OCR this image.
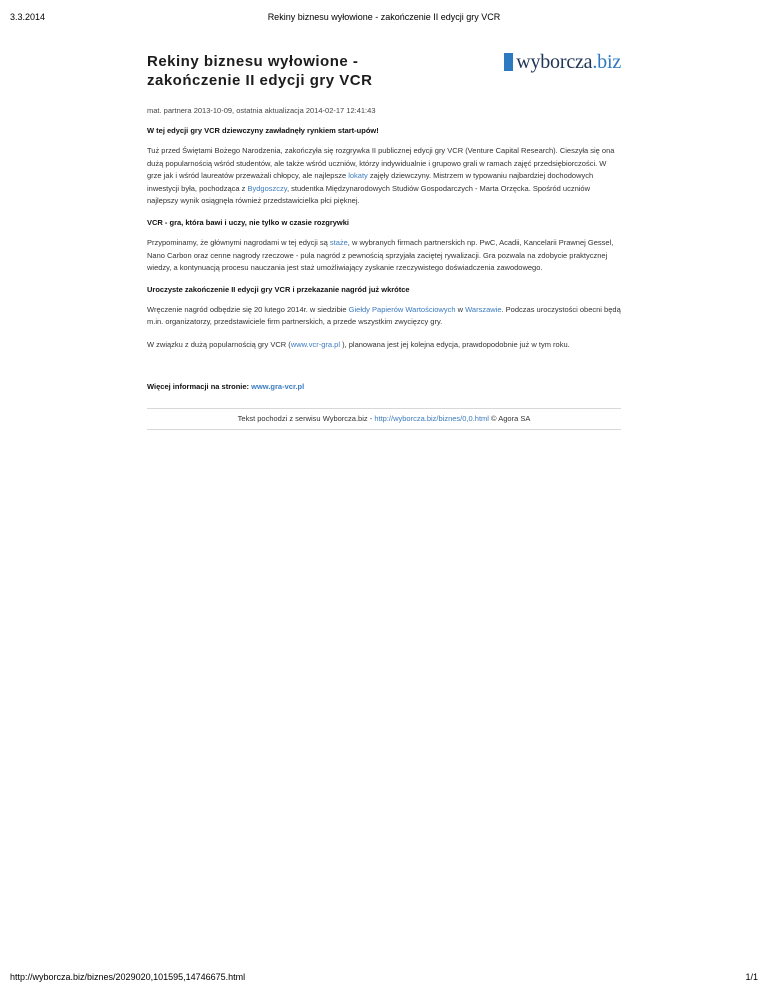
3.3.2014	Rekiny biznesu wyłowione - zakończenie II edycji gry VCR
Rekiny biznesu wyłowione - zakończenie II edycji gry VCR
wyborcza.biz
mat. partnera 2013-10-09, ostatnia aktualizacja 2014-02-17 12:41:43
W tej edycji gry VCR dziewczyny zawładnęły rynkiem start-upów!

Tuż przed Świętami Bożego Narodzenia, zakończyła się rozgrywka II publicznej edycji gry VCR (Venture Capital Research). Cieszyła się ona dużą popularnością wśród studentów, ale także wśród uczniów, którzy indywidualnie i grupowo grali w ramach zajęć przedsiębiorczości. W grze jak i wśród laureatów przeważali chłopcy, ale najlepsze lokaty zajęły dziewczyny. Mistrzem w typowaniu najbardziej dochodowych inwestycji była, pochodząca z Bydgoszczy, studentka Międzynarodowych Studiów Gospodarczych - Marta Orzęcka. Spośród uczniów najlepszy wynik osiągnęła również przedstawicielka płci pięknej.

VCR - gra, która bawi i uczy, nie tylko w czasie rozgrywki

Przypominamy, że głównymi nagrodami w tej edycji są staże, w wybranych firmach partnerskich np. PwC, Acadii, Kancelarii Prawnej Gessel, Nano Carbon oraz cenne nagrody rzeczowe - pula nagród z pewnością sprzyjała zaciętej rywalizacji. Gra pozwala na zdobycie praktycznej wiedzy, a kontynuacją procesu nauczania jest staż umożliwiający zyskanie rzeczywistego doświadczenia zawodowego.

Uroczyste zakończenie II edycji gry VCR i przekazanie nagród już wkrótce

Wręczenie nagród odbędzie się 20 lutego 2014r. w siedzibie Giełdy Papierów Wartościowych w Warszawie. Podczas uroczystości obecni będą m.in. organizatorzy, przedstawiciele firm partnerskich, a przede wszystkim zwycięzcy gry.

W związku z dużą popularnością gry VCR (www.vcr-gra.pl ), planowana jest jej kolejna edycja, prawdopodobnie już w tym roku.

Więcej informacji na stronie: www.gra-vcr.pl
Tekst pochodzi z serwisu Wyborcza.biz - http://wyborcza.biz/biznes/0,0.html © Agora SA
http://wyborcza.biz/biznes/2029020,101595,14746675.html	1/1
